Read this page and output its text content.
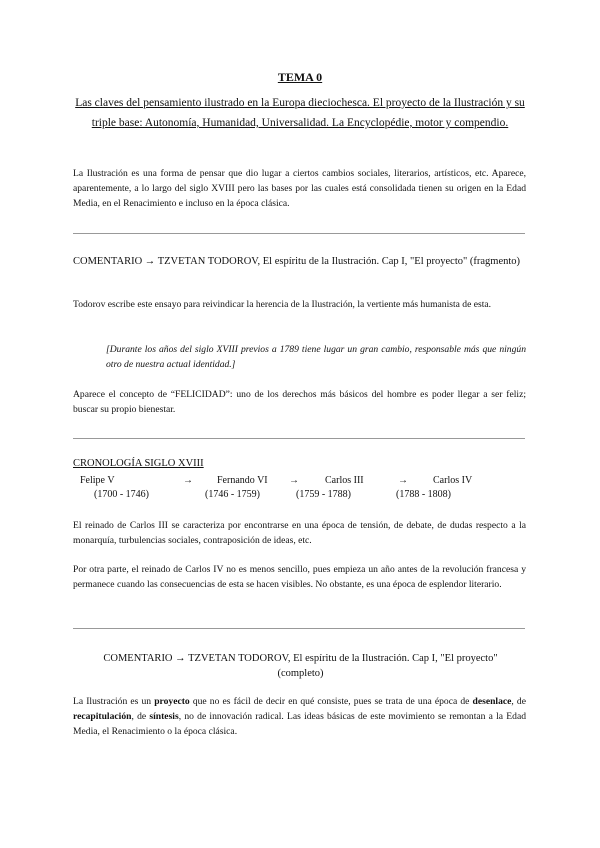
TEMA 0
Las claves del pensamiento ilustrado en la Europa dieciochesca. El proyecto de la Ilustración y su triple base: Autonomía, Humanidad, Universalidad. La Encyclopédie, motor y compendio.

La Ilustración es una forma de pensar que dio lugar a ciertos cambios sociales, literarios, artísticos, etc. Aparece, aparentemente, a lo largo del siglo XVIII pero las bases por las cuales está consolidada tienen su origen en la Edad Media, en el Renacimiento e incluso en la época clásica.

COMENTARIO → TZVETAN TODOROV, El espíritu de la Ilustración. Cap I, "El proyecto" (fragmento)

Todorov escribe este ensayo para reivindicar la herencia de la Ilustración, la vertiente más humanista de esta.

[Durante los años del siglo XVIII previos a 1789 tiene lugar un gran cambio, responsable más que ningún otro de nuestra actual identidad.]

Aparece el concepto de “FELICIDAD”: uno de los derechos más básicos del hombre es poder llegar a ser feliz; buscar su propio bienestar.

CRONOLOGÍA SIGLO XVIII
Felipe V	→ Fernando VI →	Carlos III	→	Carlos IV
(1700 - 1746)	(1746 - 1759)	(1759 - 1788)	(1788 - 1808)

El reinado de Carlos III se caracteriza por encontrarse en una época de tensión, de debate, de dudas respecto a la monarquía, turbulencias sociales, contraposición de ideas, etc.

Por otra parte, el reinado de Carlos IV no es menos sencillo, pues empieza un año antes de la revolución francesa y permanece cuando las consecuencias de esta se hacen visibles. No obstante, es una época de esplendor literario.

COMENTARIO → TZVETAN TODOROV, El espíritu de la Ilustración. Cap I, "El proyecto"
(completo)

La Ilustración es un proyecto que no es fácil de decir en qué consiste, pues se trata de una época de desenlace, de recapitulación, de síntesis, no de innovación radical. Las ideas básicas de este movimiento se remontan a la Edad Media, el Renacimiento o la época clásica.
